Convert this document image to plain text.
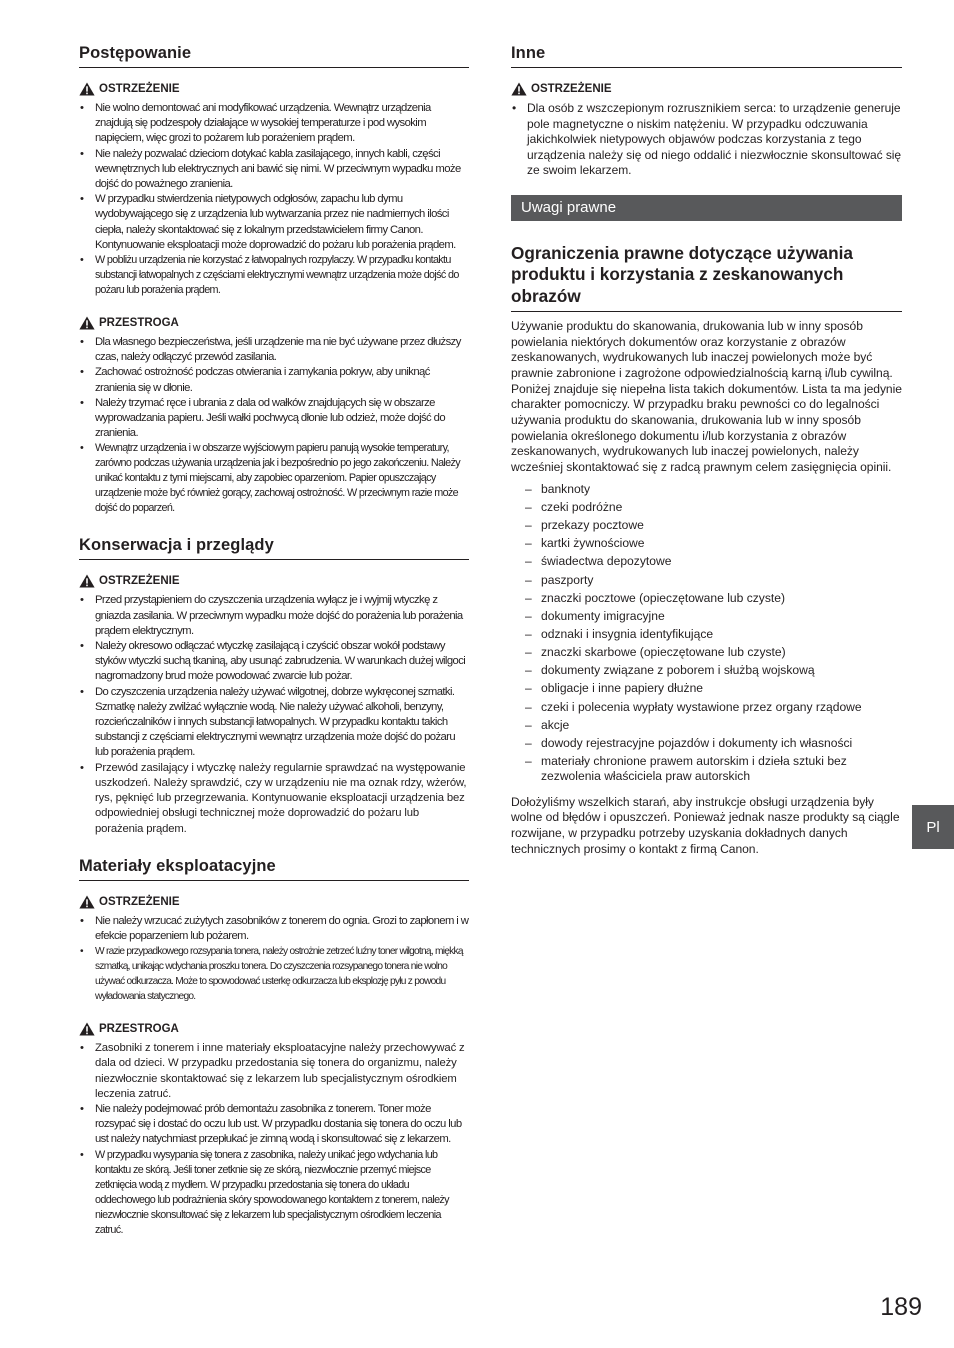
Postępowanie
OSTRZEŻENIE
• Nie wolno demontować ani modyfikować urządzenia. Wewnątrz urządzenia znajdują się podzespoły działające w wysokiej temperaturze i pod wysokim napięciem, więc grozi to pożarem lub porażeniem prądem.
• Nie należy pozwalać dzieciom dotykać kabla zasilającego, innych kabli, części wewnętrznych lub elektrycznych ani bawić się nimi. W przeciwnym wypadku może dojść do poważnego zranienia.
• W przypadku stwierdzenia nietypowych odgłosów, zapachu lub dymu wydobywającego się z urządzenia lub wytwarzania przez nie nadmiernych ilości ciepła, należy skontaktować się z lokalnym przedstawicielem firmy Canon. Kontynuowanie eksploatacji może doprowadzić do pożaru lub porażenia prądem.
• W pobliżu urządzenia nie korzystać z łatwopalnych rozpylaczy. W przypadku kontaktu substancji łatwopalnych z częściami elektrycznymi wewnątrz urządzenia może dojść do pożaru lub porażenia prądem.
PRZESTROGA
• Dla własnego bezpieczeństwa, jeśli urządzenie ma nie być używane przez dłuższy czas, należy odłączyć przewód zasilania.
• Zachować ostrożność podczas otwierania i zamykania pokryw, aby uniknąć zranienia się w dłonie.
• Należy trzymać ręce i ubrania z dala od wałków znajdujących się w obszarze wyprowadzania papieru. Jeśli wałki pochwycą dłonie lub odzież, może dojść do zranienia.
• Wewnątrz urządzenia i w obszarze wyjściowym papieru panują wysokie temperatury, zarówno podczas używania urządzenia jak i bezpośrednio po jego zakończeniu. Należy unikać kontaktu z tymi miejscami, aby zapobiec oparzeniom. Papier opuszczający urządzenie może być również gorący, zachowaj ostrożność. W przeciwnym razie może dojść do poparzeń.
Konserwacja i przeglądy
OSTRZEŻENIE
• Przed przystąpieniem do czyszczenia urządzenia wyłącz je i wyjmij wtyczkę z gniazda zasilania. W przeciwnym wypadku może dojść do porażenia lub porażenia prądem elektrycznym.
• Należy okresowo odłączać wtyczkę zasilającą i czyścić obszar wokół podstawy styków wtyczki suchą tkaniną, aby usunąć zabrudzenia. W warunkach dużej wilgoci nagromadzony brud może powodować zwarcie lub pożar.
• Do czyszczenia urządzenia należy używać wilgotnej, dobrze wykręconej szmatki. Szmatkę należy zwilżać wyłącznie wodą. Nie należy używać alkoholi, benzyny, rozcieńczalników i innych substancji łatwopalnych. W przypadku kontaktu takich substancji z częściami elektrycznymi wewnątrz urządzenia może dojść do pożaru lub porażenia prądem.
• Przewód zasilający i wtyczkę należy regularnie sprawdzać na występowanie uszkodzeń. Należy sprawdzić, czy w urządzeniu nie ma oznak rdzy, wżerów, rys, pęknięć lub przegrzewania. Kontynuowanie eksploatacji urządzenia bez odpowiedniej obsługi technicznej może doprowadzić do pożaru lub porażenia prądem.
Materiały eksploatacyjne
OSTRZEŻENIE
• Nie należy wrzucać zużytych zasobników z tonerem do ognia. Grozi to zapłonem i w efekcie poparzeniem lub pożarem.
• W razie przypadkowego rozsypania tonera, należy ostrożnie zetrzeć luźny toner wilgotną, miękką szmatką, unikając wdychania proszku tonera. Do czyszczenia rozsypanego tonera nie wolno używać odkurzacza. Może to spowodować usterkę odkurzacza lub eksplozję pyłu z powodu wyładowania statycznego.
PRZESTROGA
• Zasobniki z tonerem i inne materiały eksploatacyjne należy przechowywać z dala od dzieci. W przypadku przedostania się tonera do organizmu, należy niezwłocznie skontaktować się z lekarzem lub specjalistycznym ośrodkiem leczenia zatruć.
• Nie należy podejmować prób demontażu zasobnika z tonerem. Toner może rozsypać się i dostać do oczu lub ust. W przypadku dostania się tonera do oczu lub ust należy natychmiast przepłukać je zimną wodą i skonsultować się z lekarzem.
• W przypadku wysypania się tonera z zasobnika, należy unikać jego wdychania lub kontaktu ze skórą. Jeśli toner zetknie się ze skórą, niezwłocznie przemyć miejsce zetknięcia wodą z mydłem. W przypadku przedostania się tonera do układu oddechowego lub podrażnienia skóry spowodowanego kontaktem z tonerem, należy niezwłocznie skonsultować się z lekarzem lub specjalistycznym ośrodkiem leczenia zatruć.
Inne
OSTRZEŻENIE
• Dla osób z wszczepionym rozrusznikiem serca: to urządzenie generuje pole magnetyczne o niskim natężeniu. W przypadku odczuwania jakichkolwiek nietypowych objawów podczas korzystania z tego urządzenia należy się od niego oddalić i niezwłocznie skonsultować się ze swoim lekarzem.
Uwagi prawne
Ograniczenia prawne dotyczące używania produktu i korzystania z zeskanowanych obrazów

Używanie produktu do skanowania, drukowania lub w inny sposób powielania niektórych dokumentów oraz korzystanie z obrazów zeskanowanych, wydrukowanych lub inaczej powielonych może być prawnie zabronione i zagrożone odpowiedzialnością karną i/lub cywilną. Poniżej znajduje się niepełna lista takich dokumentów. Lista ta ma jedynie charakter pomocniczy. W przypadku braku pewności co do legalności używania produktu do skanowania, drukowania lub w inny sposób powielania określonego dokumentu i/lub korzystania z obrazów zeskanowanych, wydrukowanych lub inaczej powielonych, należy wcześniej skontaktować się z radcą prawnym celem zasięgnięcia opinii.

– banknoty
– czeki podróżne
– przekazy pocztowe
– kartki żywnościowe
– świadectwa depozytowe
– paszporty
– znaczki pocztowe (opieczętowane lub czyste)
– dokumenty imigracyjne
– odznaki i insygnia identyfikujące
– znaczki skarbowe (opieczętowane lub czyste)
– dokumenty związane z poborem i służbą wojskową
– obligacje i inne papiery dłużne
– czeki i polecenia wypłaty wystawione przez organy rządowe
– akcje
– dowody rejestracyjne pojazdów i dokumenty ich własności
– materiały chronione prawem autorskim i dzieła sztuki bez zezwolenia właściciela praw autorskich

Dołożyliśmy wszelkich starań, aby instrukcje obsługi urządzenia były wolne od błędów i opuszczeń. Ponieważ jednak nasze produkty są ciągle rozwijane, w przypadku potrzeby uzyskania dokładnych danych technicznych prosimy o kontakt z firmą Canon.

Pl
189
